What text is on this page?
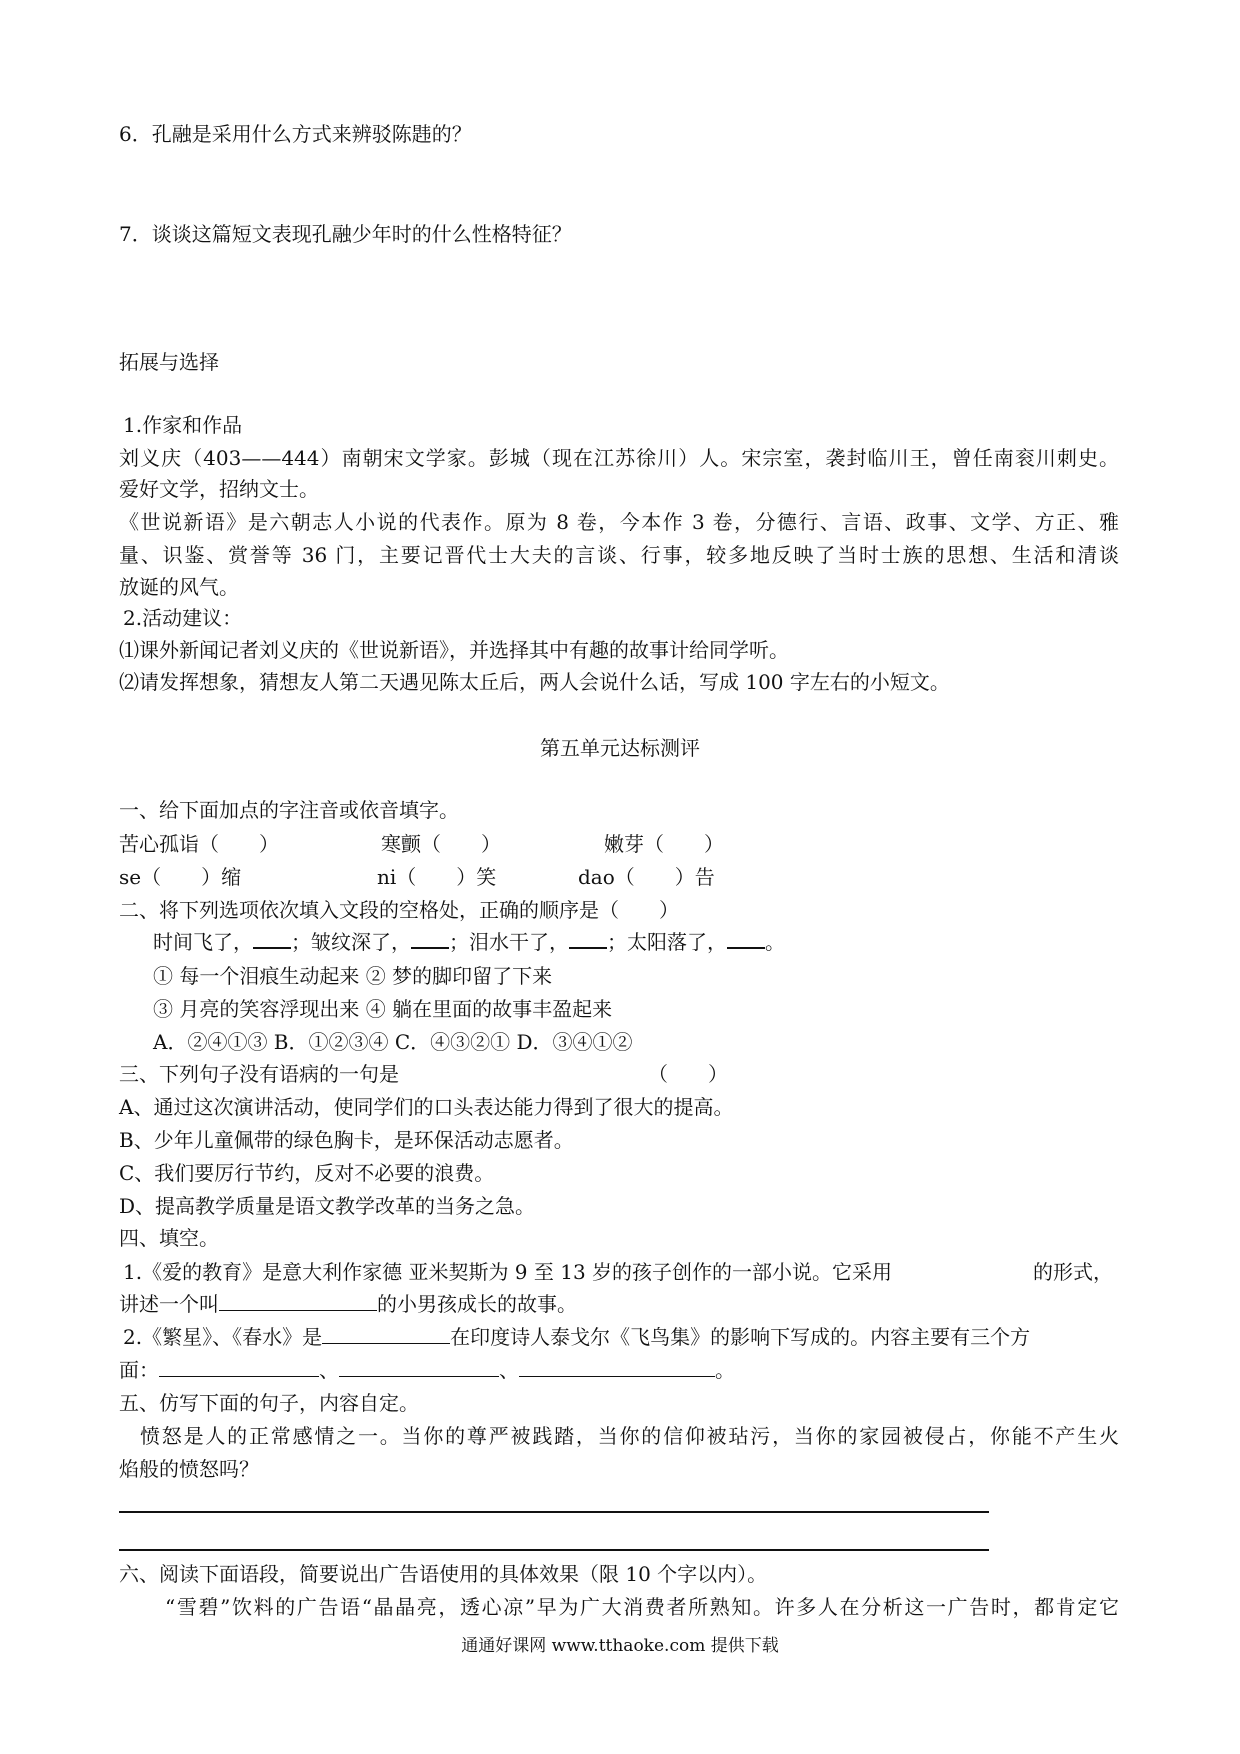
6．孔融是采用什么方式来辨驳陈韪的？
7．谈谈这篇短文表现孔融少年时的什么性格特征？
拓展与选择
1.作家和作品
刘义庆（403——444）南朝宋文学家。彭城（现在江苏徐川）人。宋宗室，袭封临川王，曾任南衮川刺史。
爱好文学，招纳文士。
《世说新语》是六朝志人小说的代表作。原为 8 卷，今本作 3 卷，分德行、言语、政事、文学、方正、雅
量、识鉴、赏誉等 36 门，主要记晋代士大夫的言谈、行事，较多地反映了当时士族的思想、生活和清谈
放诞的风气。
2.活动建议：
⑴课外新闻记者刘义庆的《世说新语》，并选择其中有趣的故事计给同学听。
⑵请发挥想象，猜想友人第二天遇见陈太丘后，两人会说什么话，写成 100 字左右的小短文。
第五单元达标测评
一、给下面加点的字注音或依音填字。
苦心孤诣（　　）	寒颤（　　）	嫩芽（　　）
se（　　）缩	ni（　　）笑	dao（　　）告
二、将下列选项依次填入文段的空格处，正确的顺序是（　　）
时间飞了， ；皱纹深了， ；泪水干了， ；太阳落了， 。
① 每一个泪痕生动起来 ② 梦的脚印留了下来
③ 月亮的笑容浮现出来 ④ 躺在里面的故事丰盈起来
A．②④①③ B．①②③④ C．④③②① D．③④①②
三、下列句子没有语病的一句是	（　　）
A、通过这次演讲活动，使同学们的口头表达能力得到了很大的提高。
B、少年儿童佩带的绿色胸卡，是环保活动志愿者。
C、我们要厉行节约，反对不必要的浪费。
D、提高教学质量是语文教学改革的当务之急。
四、填空。
1.《爱的教育》是意大利作家德 亚米契斯为 9 至 13 岁的孩子创作的一部小说。它采用	的形式，
讲述一个叫	的小男孩成长的故事。
2.《繁星》、《春水》是	在印度诗人泰戈尔《飞鸟集》的影响下写成的。内容主要有三个方
面：	、	、	。
五、仿写下面的句子，内容自定。
愤怒是人的正常感情之一。当你的尊严被践踏，当你的信仰被玷污，当你的家园被侵占，你能不产生火
焰般的愤怒吗？
六、阅读下面语段，简要说出广告语使用的具体效果（限 10 个字以内）。
“雪碧”饮料的广告语“晶晶亮，透心凉”早为广大消费者所熟知。许多人在分析这一广告时，都肯定它
通通好课网 www.tthaoke.com 提供下载
